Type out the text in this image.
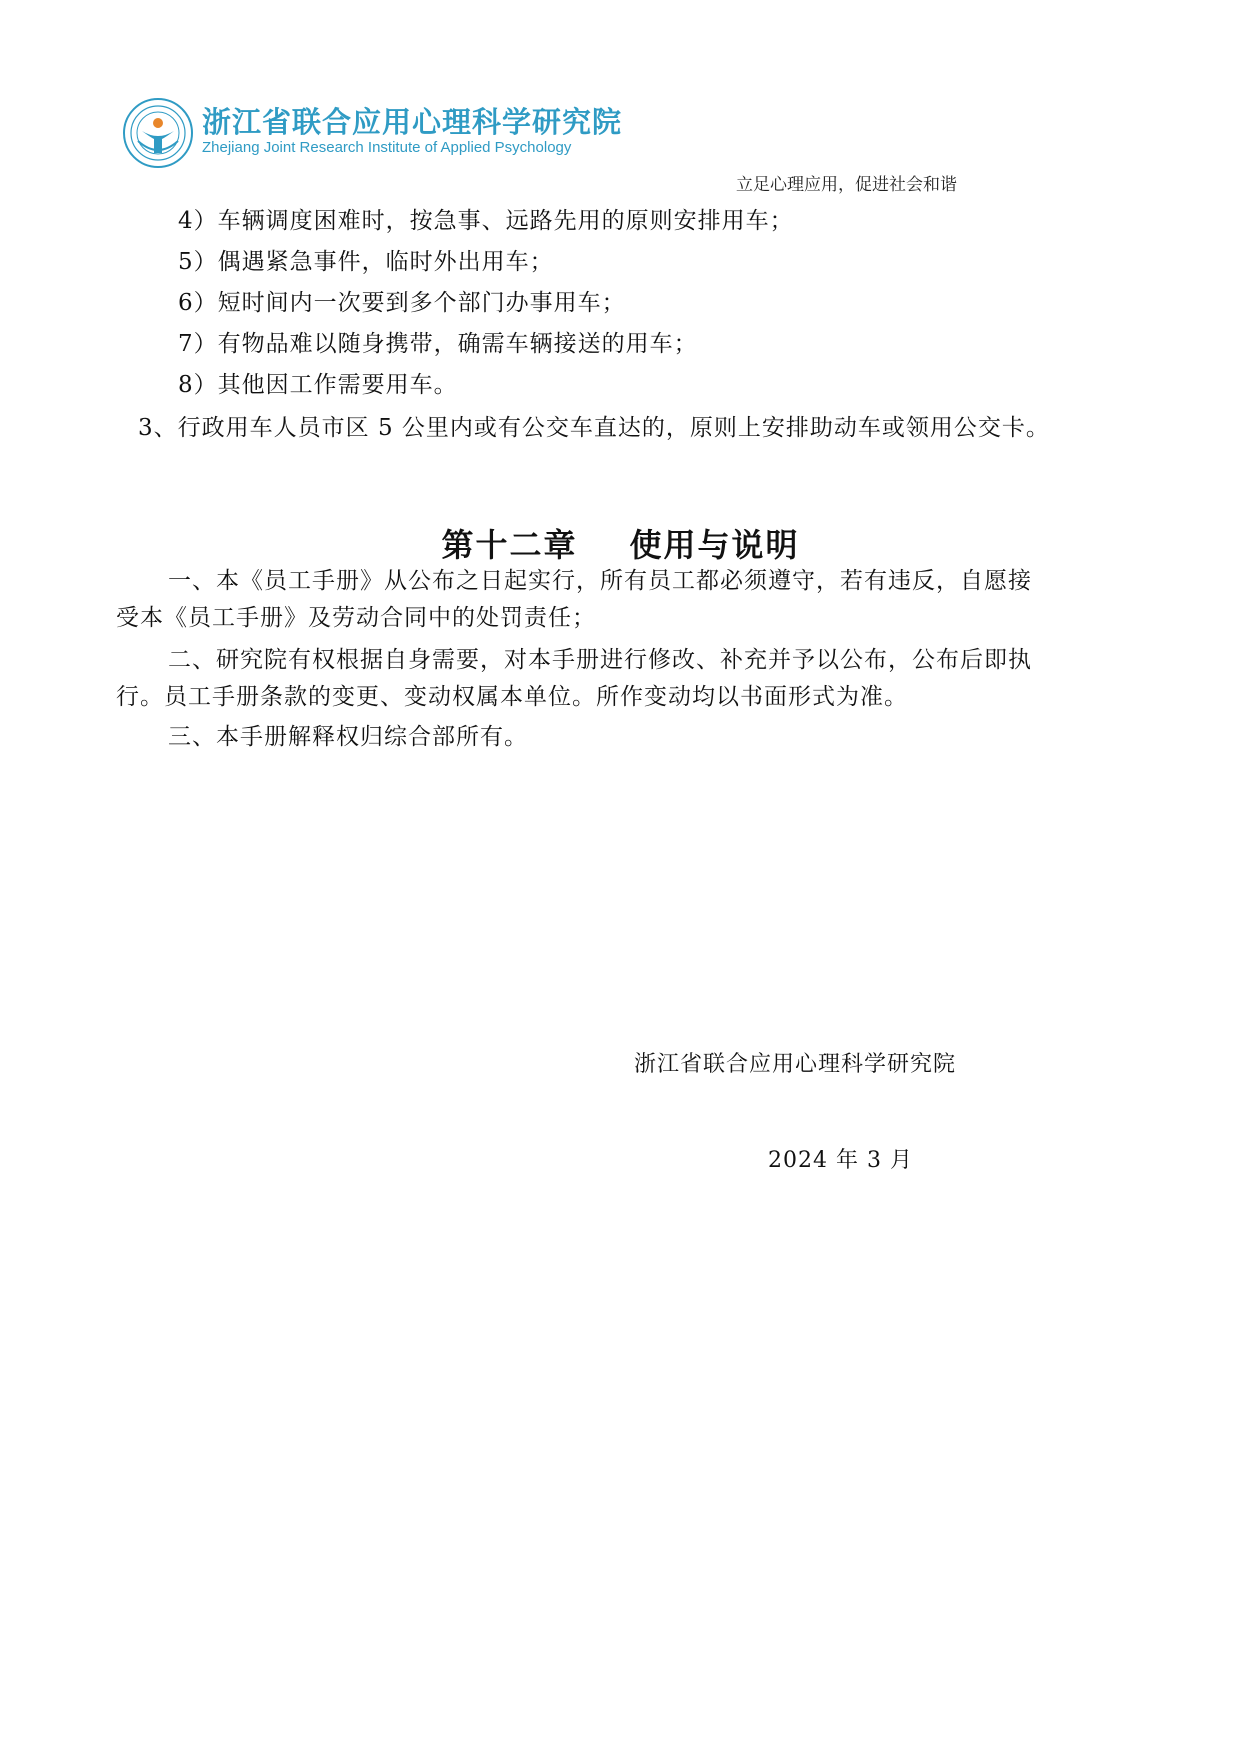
浙江省联合应用心理科学研究院
Zhejiang Joint Research Institute of Applied Psychology
立足心理应用，促进社会和谐
4）车辆调度困难时，按急事、远路先用的原则安排用车；
5）偶遇紧急事件，临时外出用车；
6）短时间内一次要到多个部门办事用车；
7）有物品难以随身携带，确需车辆接送的用车；
8）其他因工作需要用车。
3、行政用车人员市区 5 公里内或有公交车直达的，原则上安排助动车或领用公交卡。
第十二章 使用与说明
一、本《员工手册》从公布之日起实行，所有员工都必须遵守，若有违反，自愿接
受本《员工手册》及劳动合同中的处罚责任；
二、研究院有权根据自身需要，对本手册进行修改、补充并予以公布，公布后即执
行。员工手册条款的变更、变动权属本单位。所作变动均以书面形式为准。
三、本手册解释权归综合部所有。
浙江省联合应用心理科学研究院
2024 年 3 月
